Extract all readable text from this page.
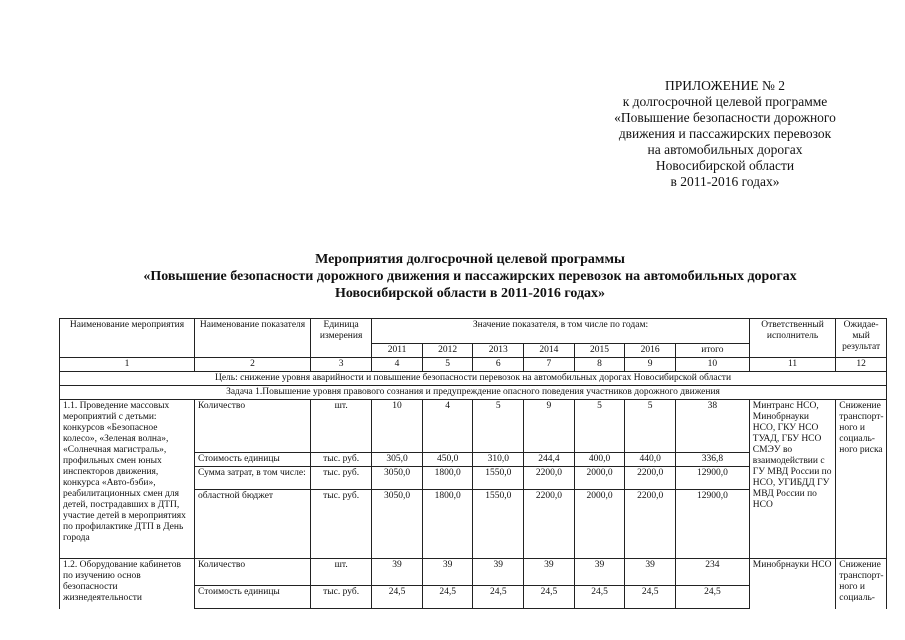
ПРИЛОЖЕНИЕ № 2
к долгосрочной целевой программе
«Повышение безопасности дорожного
движения и пассажирских перевозок
на автомобильных дорогах
Новосибирской области
в 2011-2016 годах»
Мероприятия долгосрочной целевой программы
«Повышение безопасности дорожного движения и пассажирских перевозок на автомобильных дорогах
Новосибирской области в 2011-2016 годах»
Наименование мероприятия	Наименование показателя	Единица измерения	Значение показателя, в том числе по годам:							Ответственный исполнитель	Ожидае-мый результат
			2011	2012	2013	2014	2015	2016	итого		
1	2	3	4	5	6	7	8	9	10	11	12
Цель: снижение уровня аварийности и повышение безопасности перевозок на автомобильных дорогах Новосибирской области											
Задача 1.Повышение уровня правового сознания и предупреждение опасного поведения участников дорожного движения											
1.1. Проведение массовых мероприятий с детьми: конкурсов «Безопасное колесо», «Зеленая волна», «Солнечная магистраль», профильных смен юных инспекторов движения, конкурса «Авто-бэби», реабилитационных смен для детей, пострадавших в ДТП, участие детей в мероприятиях по профилактике ДТП в День города	Количество	шт.	10	4	5	9	5	5	38	Минтранс НСО, Минобрнауки НСО, ГКУ НСО ТУАД, ГБУ НСО СМЭУ во взаимодействии с ГУ МВД России по НСО, УГИБДД ГУ МВД России по НСО	Снижение транспорт-ного и социаль-ного риска
	Стоимость единицы	тыс. руб.	305,0	450,0	310,0	244,4	400,0	440,0	336,8		
	Сумма затрат, в том числе:	тыс. руб.	3050,0	1800,0	1550,0	2200,0	2000,0	2200,0	12900,0		
	областной бюджет	тыс. руб.	3050,0	1800,0	1550,0	2200,0	2000,0	2200,0	12900,0		
1.2. Оборудование кабинетов по изучению основ безопасности жизнедеятельности	Количество	шт.	39	39	39	39	39	39	234	Минобрнауки НСО	Снижение транспорт-ного и социаль-
	Стоимость единицы	тыс. руб.	24,5	24,5	24,5	24,5	24,5	24,5	24,5		
